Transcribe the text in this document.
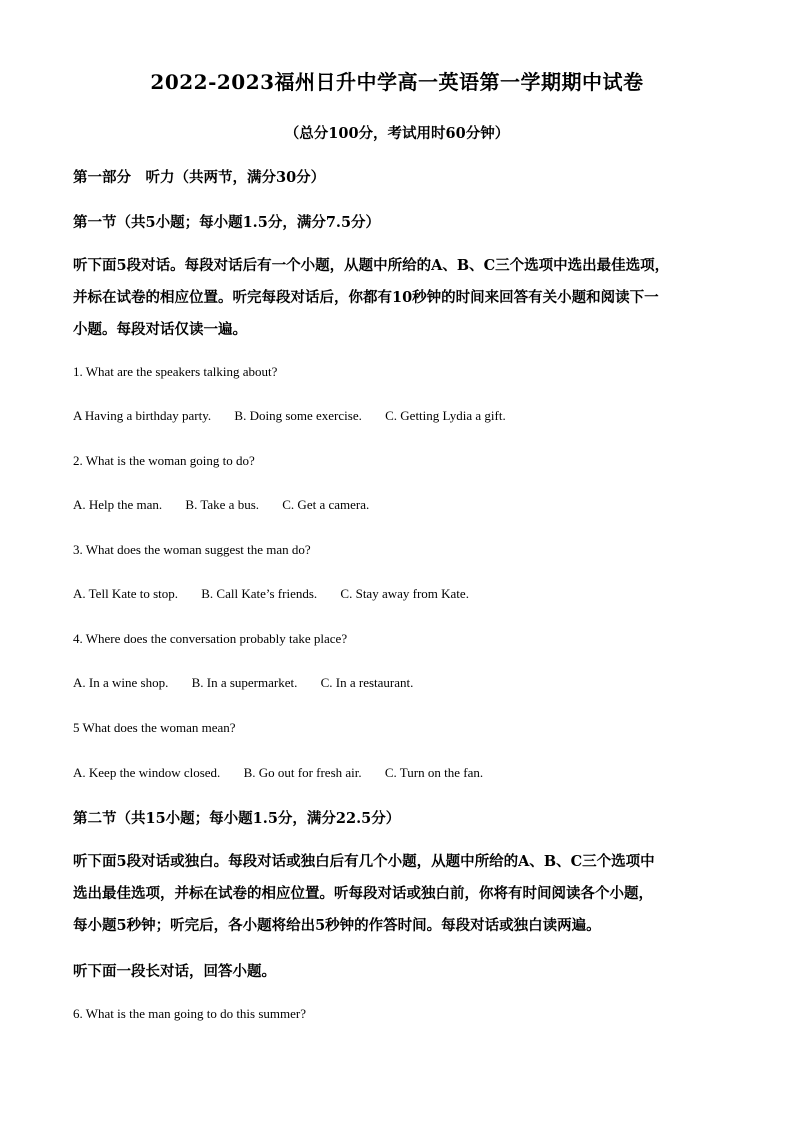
2022-2023福州日升中学高一英语第一学期期中试卷
（总分100分，考试用时60分钟）
第一部分　听力（共两节，满分30分）
第一节（共5小题；每小题1.5分，满分7.5分）
听下面5段对话。每段对话后有一个小题，从题中所给的A、B、C三个选项中选出最佳选项，
并标在试卷的相应位置。听完每段对话后，你都有10秒钟的时间来回答有关小题和阅读下一
小题。每段对话仅读一遍。
1. What are the speakers talking about?
A Having a birthday party. B. Doing some exercise. C. Getting Lydia a gift.
2. What is the woman going to do?
A. Help the man. B. Take a bus. C. Get a camera.
3. What does the woman suggest the man do?
A. Tell Kate to stop. B. Call Kate’s friends. C. Stay away from Kate.
4. Where does the conversation probably take place?
A. In a wine shop. B. In a supermarket. C. In a restaurant.
5 What does the woman mean?
A. Keep the window closed. B. Go out for fresh air. C. Turn on the fan.
第二节（共15小题；每小题1.5分，满分22.5分）
听下面5段对话或独白。每段对话或独白后有几个小题，从题中所给的A、B、C三个选项中
选出最佳选项，并标在试卷的相应位置。听每段对话或独白前，你将有时间阅读各个小题，
每小题5秒钟；听完后，各小题将给出5秒钟的作答时间。每段对话或独白读两遍。
听下面一段长对话，回答小题。
6. What is the man going to do this summer?
